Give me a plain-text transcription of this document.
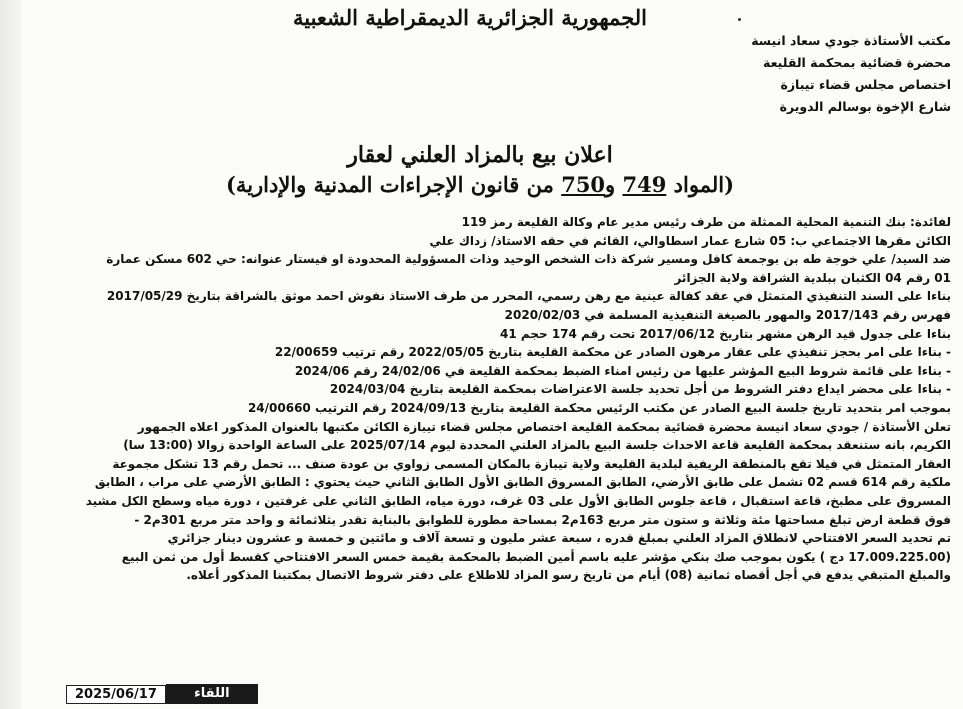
الجمهورية الجزائرية الديمقراطية الشعبية
مكتب الأستاذة جودي سعاد انيسة
محضرة قضائية بمحكمة القليعة
اختصاص مجلس قضاء تيبازة
شارع الإخوة بوسالم الدويرة
اعلان بيع بالمزاد العلني لعقار
(المواد 749 و750 من قانون الإجراءات المدنية والإدارية)
لفائدة: بنك التنمية المحلية الممثلة من طرف رئيس مدير عام وكالة القليعة رمز 119
الكائن مقرها الاجتماعي ب: 05 شارع عمار اسطاوالي، القائم في حقه الاستاذ/ زداك علي
ضد السيد/ علي خوجة طه بن بوجمعة كافل ومسير شركة ذات الشخص الوحيد وذات المسؤولية المحدودة او فيستار عنوانه: حي 602 مسكن عمارة
01 رقم 04 الكثبان ببلدية الشراقة ولاية الجزائر
بناءا على السند التنفيذي المتمثل في عقد كفالة عينية مع رهن رسمي، المحرر من طرف الاستاذ نفوش احمد موثق بالشراقة بتاريخ 2017/05/29
فهرس رقم 2017/143 والمهور بالصيغة التنفيذية المسلمة في 2020/02/03
بناءا على جدول قيد الرهن مشهر بتاريخ 2017/06/12 تحت رقم 174 حجم 41
- بناءا على امر بحجز تنفيذي على عقار مرهون الصادر عن محكمة القليعة بتاريخ 2022/05/05 رقم ترتيب 22/00659
- بناءا على قائمة شروط البيع المؤشر عليها من رئيس امناء الضبط بمحكمة القليعة في 24/02/06 رقم 2024/06
- بناءا على محضر ايداع دفتر الشروط من أجل تحديد جلسة الاعتراضات بمحكمة القليعة بتاريخ 2024/03/04
بموجب امر بتحديد تاريخ جلسة البيع الصادر عن مكتب الرئيس محكمة القليعة بتاريخ 2024/09/13 رقم الترتيب 24/00660
تعلن الأستاذة / جودي سعاد انيسة محضرة قضائية بمحكمة القليعة اختصاص مجلس قضاء تيبازة الكائن مكتبها بالعنوان المذكور اعلاه الجمهور
الكريم، بانه ستنعقد بمحكمة القليعة قاعة الاحداث جلسة البيع بالمزاد العلني المحددة ليوم 2025/07/14 على الساعة الواحدة زوالا (13:00 سا)
العقار المتمثل في فيلا تقع بالمنطقة الريفية لبلدية القليعة ولاية تيبازة بالمكان المسمى زواوي بن عودة صنف ... تحمل رقم 13 تشكل مجموعة
ملكية رقم 614 قسم 02 تشمل على طابق الأرضي، الطابق المسروق الطابق الأول الطابق الثاني حيث يحتوي : الطابق الأرضي على مراب ، الطابق
المسروق على مطبخ، قاعة استقبال ، قاعة جلوس الطابق الأول على 03 غرف، دورة مياه، الطابق الثاني على غرفتين ، دورة مياه وسطح الكل مشيد
فوق قطعة ارض تبلغ مساحتها مئة وثلاثة و ستون متر مربع 163م2 بمساحة مطورة للطوابق بالبناية تقدر بثلاثمائة و واحد متر مربع 301م2 -
تم تحديد السعر الافتتاحي لانطلاق المزاد العلني بمبلغ قدره ، سبعة عشر مليون و تسعة آلاف و مائتين و خمسة و عشرون دينار جزائري
(17.009.225.00 دج ) يكون بموجب صك بنكي مؤشر عليه باسم أمين الضبط بالمحكمة بقيمة خمس السعر الافتتاحي كقسط أول من ثمن البيع
والمبلغ المتبقي يدفع في أجل أقصاه ثمانية (08) أيام من تاريخ رسو المزاد للاطلاع على دفتر شروط الاتصال بمكتبنا المذكور أعلاه.
اللقاء
2025/06/17
